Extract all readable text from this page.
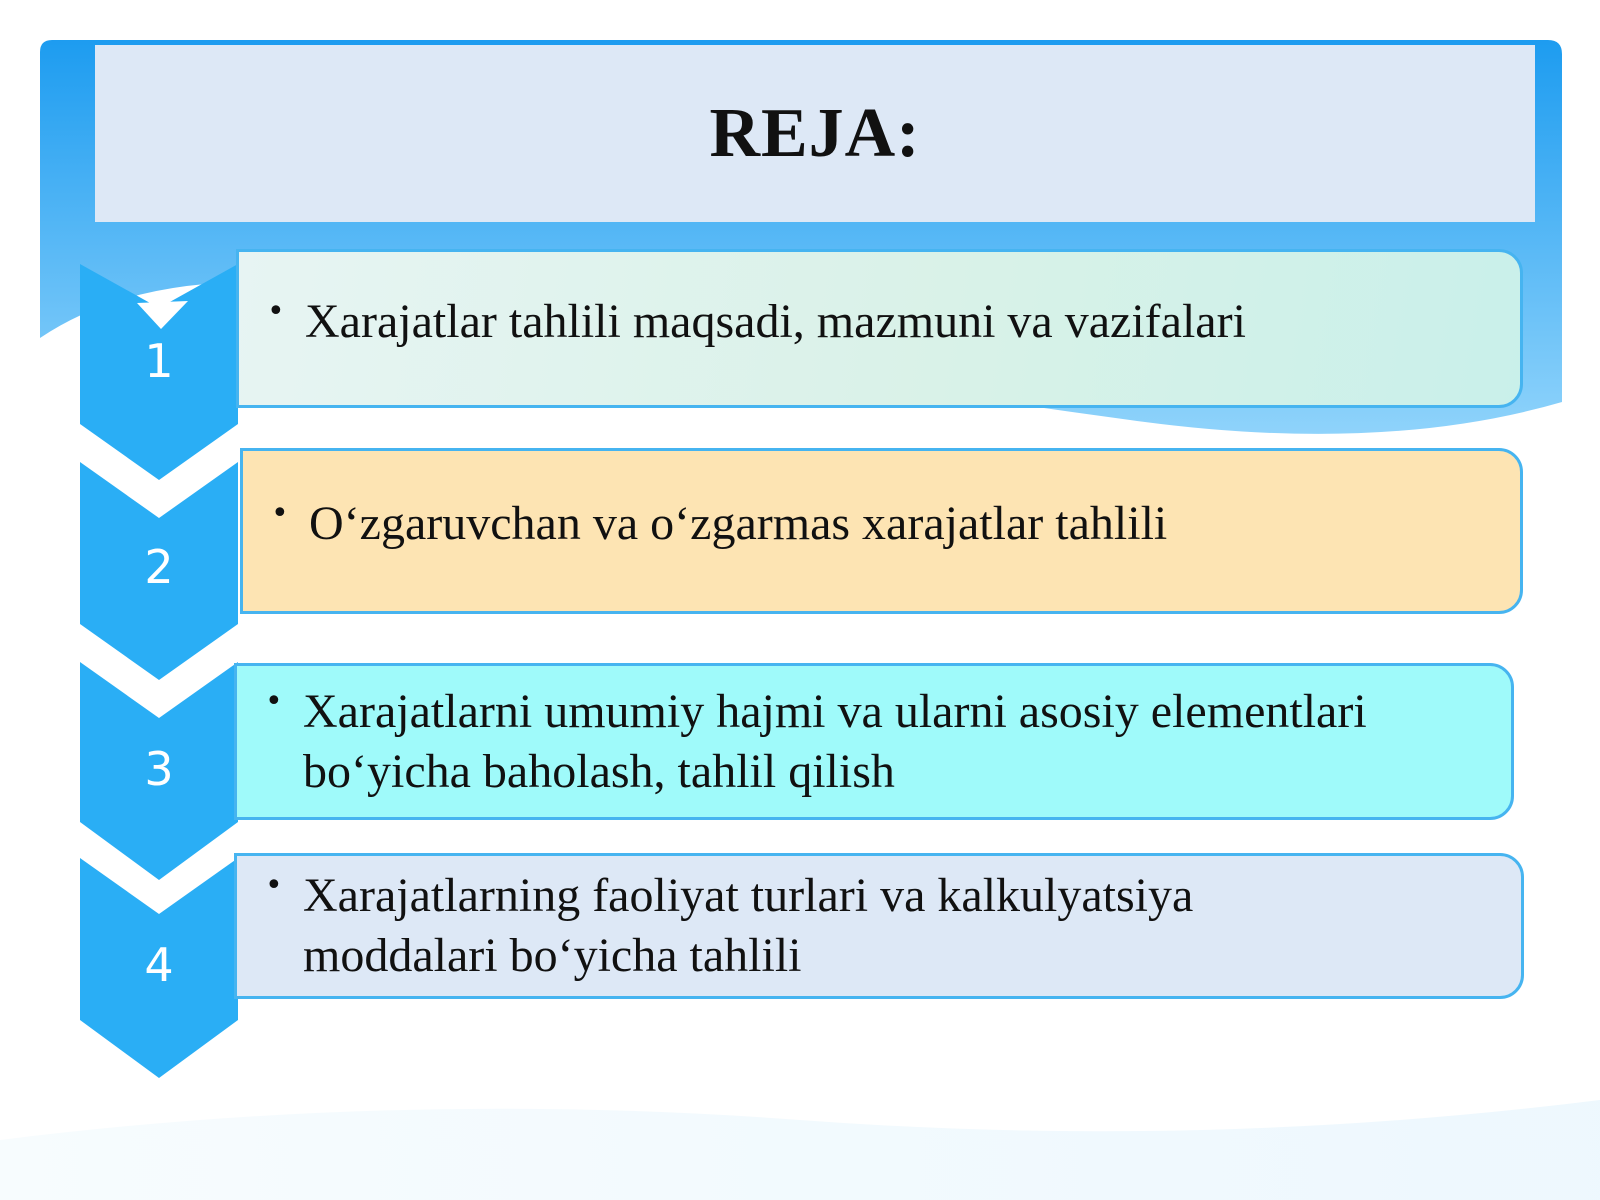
REJA:
1
2
3
4
• Xarajatlar tahlili maqsadi, mazmuni va vazifalari
• O‘zgaruvchan va o‘zgarmas xarajatlar tahlili
• Xarajatlarni umumiy hajmi va ularni asosiy elementlari
bo‘yicha baholash, tahlil qilish
• Xarajatlarning faoliyat turlari va kalkulyatsiya
moddalari bo‘yicha tahlili
